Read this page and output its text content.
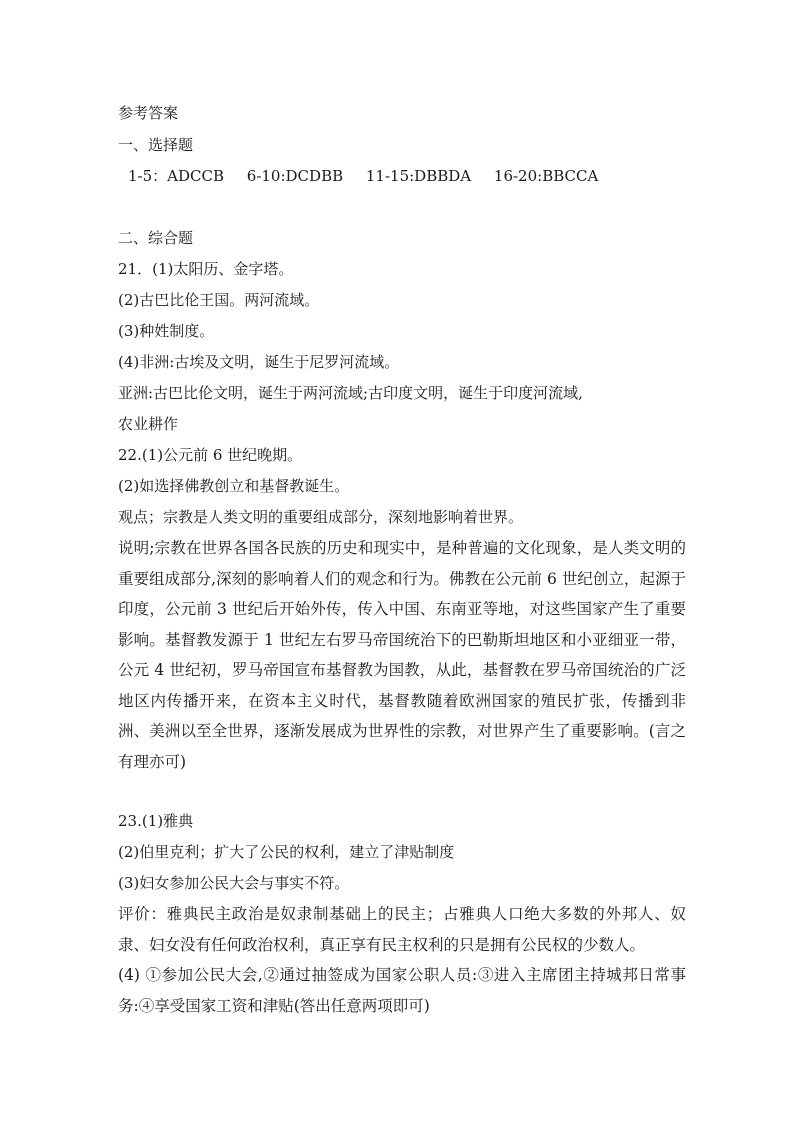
参考答案
一、选择题
1-5：ADCCB 6-10:DCDBB 11-15:DBBDA 16-20:BBCCA
二、综合题
21．(1)太阳历、金字塔。
(2)古巴比伦王国。两河流域。
(3)种姓制度。
(4)非洲:古埃及文明，诞生于尼罗河流域。
亚洲:古巴比伦文明，诞生于两河流域;古印度文明，诞生于印度河流域,
农业耕作
22.(1)公元前 6 世纪晚期。
(2)如选择佛教创立和基督教诞生。
观点；宗教是人类文明的重要组成部分，深刻地影响着世界。
说明;宗教在世界各国各民族的历史和现实中，是种普遍的文化现象，是人类文明的重要组成部分,深刻的影响着人们的观念和行为。佛教在公元前 6 世纪创立，起源于印度，公元前 3 世纪后开始外传，传入中国、东南亚等地，对这些国家产生了重要影响。基督教发源于 1 世纪左右罗马帝国统治下的巴勒斯坦地区和小亚细亚一带，公元 4 世纪初，罗马帝国宣布基督教为国教，从此，基督教在罗马帝国统治的广泛地区内传播开来，在资本主义时代，基督教随着欧洲国家的殖民扩张，传播到非洲、美洲以至全世界，逐渐发展成为世界性的宗教，对世界产生了重要影响。(言之有理亦可)
23.(1)雅典
(2)伯里克利；扩大了公民的权利，建立了津贴制度
(3)妇女参加公民大会与事实不符。
评价：雅典民主政治是奴隶制基础上的民主；占雅典人口绝大多数的外邦人、奴隶、妇女没有任何政治权利，真正享有民主权利的只是拥有公民权的少数人。
(4) ①参加公民大会,②通过抽签成为国家公职人员:③进入主席团主持城邦日常事务:④享受国家工资和津贴(答出任意两项即可)
